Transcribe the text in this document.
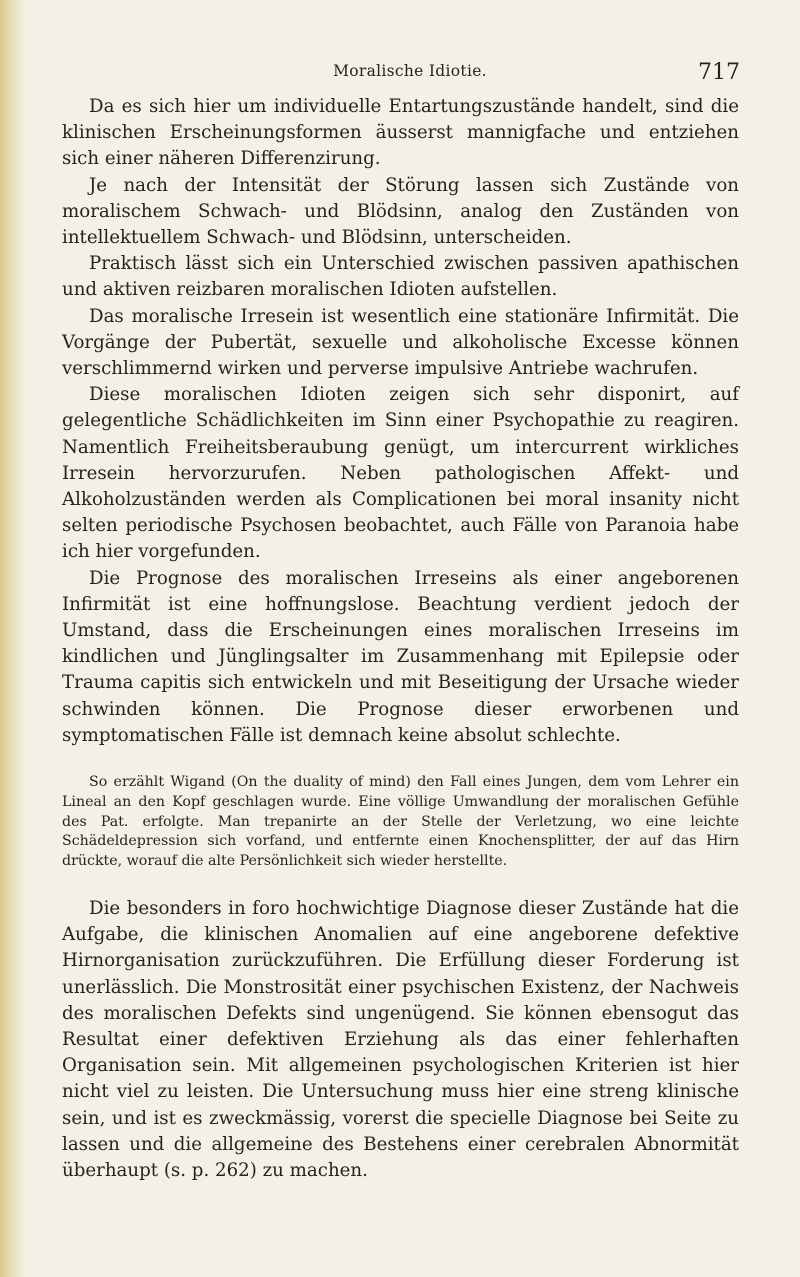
Moralische Idiotie.	717

Da es sich hier um individuelle Entartungszustände handelt, sind die klinischen Erscheinungsformen äusserst mannigfache und entziehen sich einer näheren Differenzirung.

Je nach der Intensität der Störung lassen sich Zustände von moralischem Schwach- und Blödsinn, analog den Zuständen von intellektuellem Schwach- und Blödsinn, unterscheiden.

Praktisch lässt sich ein Unterschied zwischen passiven apathischen und aktiven reizbaren moralischen Idioten aufstellen.

Das moralische Irresein ist wesentlich eine stationäre Infirmität. Die Vorgänge der Pubertät, sexuelle und alkoholische Excesse können verschlimmernd wirken und perverse impulsive Antriebe wachrufen.

Diese moralischen Idioten zeigen sich sehr disponirt, auf gelegentliche Schädlichkeiten im Sinn einer Psychopathie zu reagiren. Namentlich Freiheitsberaubung genügt, um intercurrent wirkliches Irresein hervorzurufen. Neben pathologischen Affekt- und Alkoholzuständen werden als Complicationen bei moral insanity nicht selten periodische Psychosen beobachtet, auch Fälle von Paranoia habe ich hier vorgefunden.

Die Prognose des moralischen Irreseins als einer angeborenen Infirmität ist eine hoffnungslose. Beachtung verdient jedoch der Umstand, dass die Erscheinungen eines moralischen Irreseins im kindlichen und Jünglingsalter im Zusammenhang mit Epilepsie oder Trauma capitis sich entwickeln und mit Beseitigung der Ursache wieder schwinden können. Die Prognose dieser erworbenen und symptomatischen Fälle ist demnach keine absolut schlechte.

So erzählt Wigand (On the duality of mind) den Fall eines Jungen, dem vom Lehrer ein Lineal an den Kopf geschlagen wurde. Eine völlige Umwandlung der moralischen Gefühle des Pat. erfolgte. Man trepanirte an der Stelle der Verletzung, wo eine leichte Schädeldepression sich vorfand, und entfernte einen Knochensplitter, der auf das Hirn drückte, worauf die alte Persönlichkeit sich wieder herstellte.

Die besonders in foro hochwichtige Diagnose dieser Zustände hat die Aufgabe, die klinischen Anomalien auf eine angeborene defektive Hirnorganisation zurückzuführen. Die Erfüllung dieser Forderung ist unerlässlich. Die Monstrosität einer psychischen Existenz, der Nachweis des moralischen Defekts sind ungenügend. Sie können ebensogut das Resultat einer defektiven Erziehung als das einer fehlerhaften Organisation sein. Mit allgemeinen psychologischen Kriterien ist hier nicht viel zu leisten. Die Untersuchung muss hier eine streng klinische sein, und ist es zweckmässig, vorerst die specielle Diagnose bei Seite zu lassen und die allgemeine des Bestehens einer cerebralen Abnormität überhaupt (s. p. 262) zu machen.
